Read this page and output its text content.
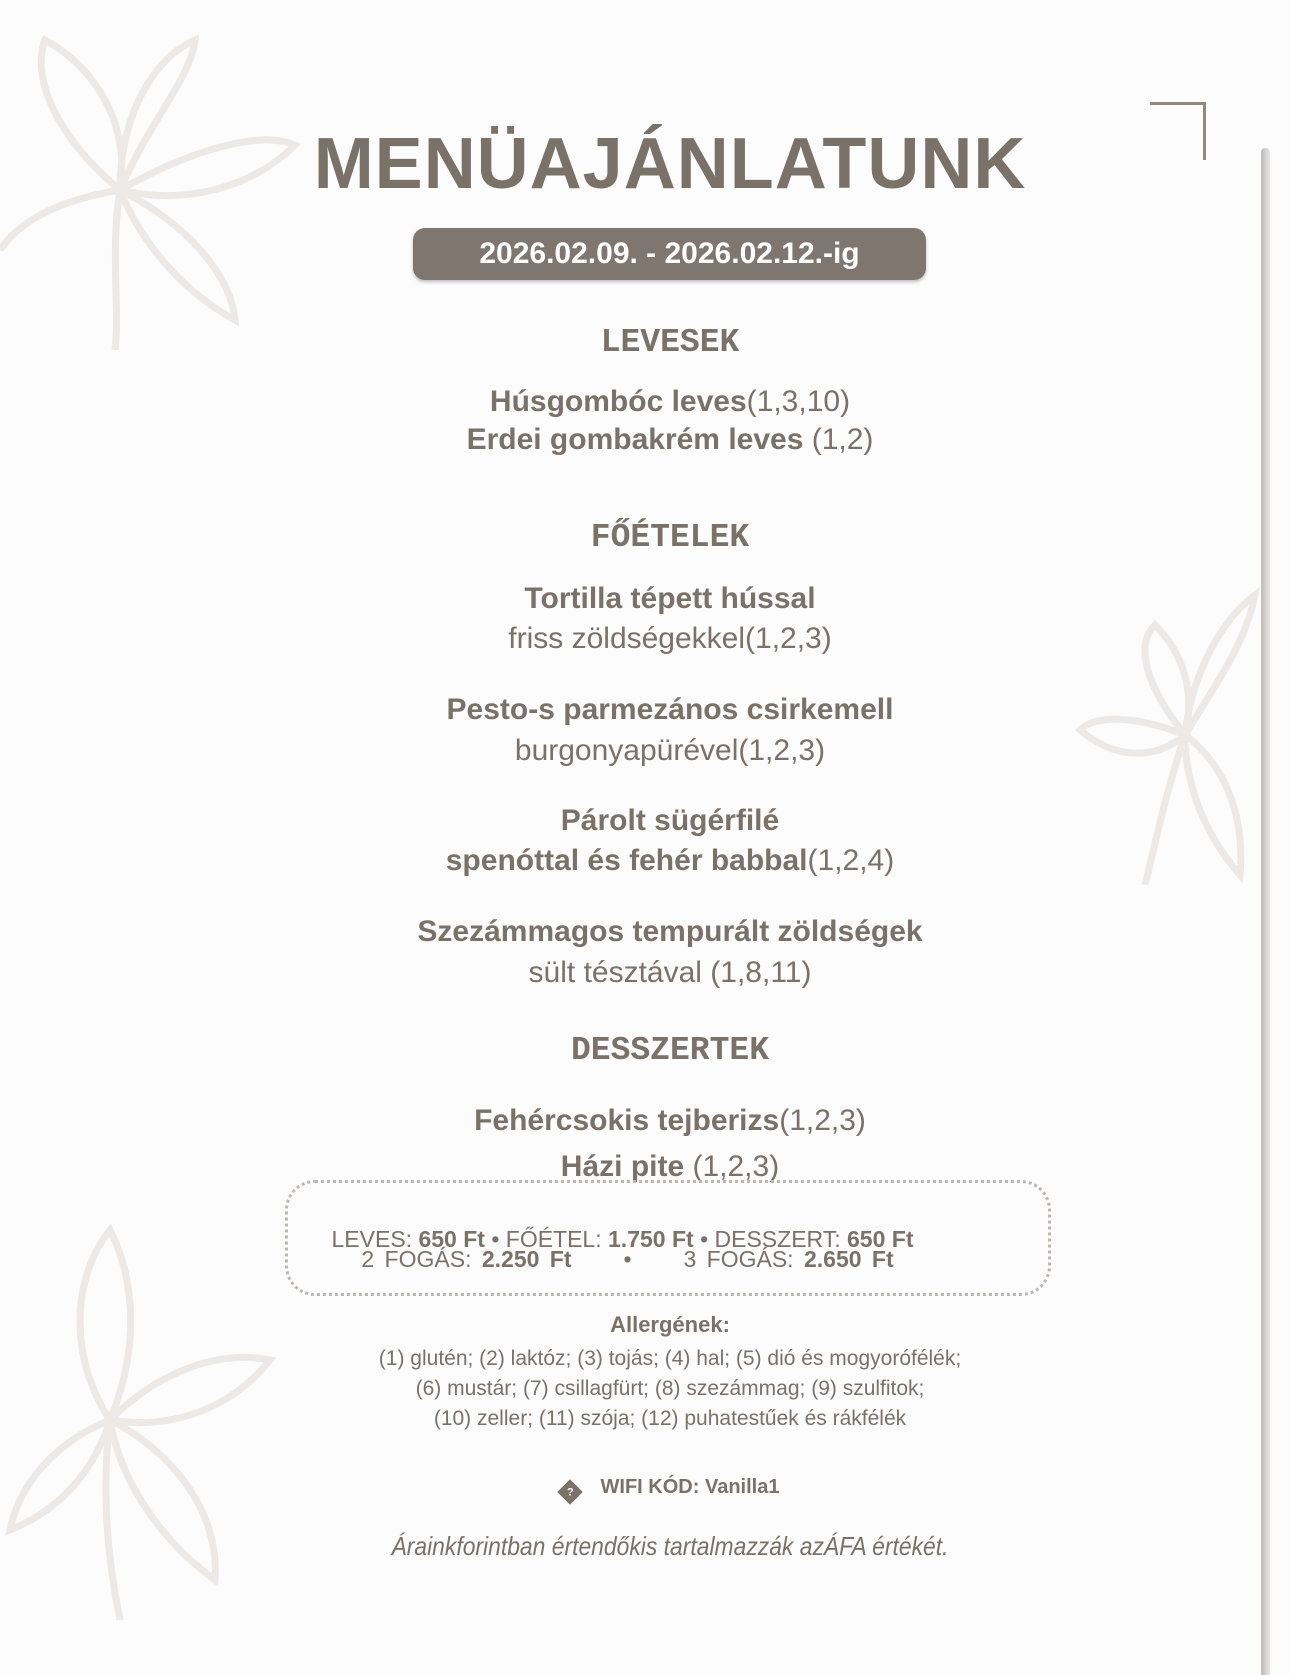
MENÜAJÁNLATUNK
2026.02.09. - 2026.02.12.-ig
LEVESEK
Húsgombóc leves(1,3,10)
Erdei gombakrém leves (1,2)
FŐÉTELEK
Tortilla tépett hússal
friss zöldségekkel(1,2,3)
Pesto-s parmezános csirkemell
burgonyapürével(1,2,3)
Párolt sügérfilé
spenóttal és fehér babbal(1,2,4)
Szezámmagos tempurált zöldségek
sült tésztával (1,8,11)
DESSZERTEK
Fehércsokis tejberizs(1,2,3)
Házi pite (1,2,3)
LEVES: 650 Ft • FŐÉTEL: 1.750 Ft • DESSZERT: 650 Ft
2 FOGÁS: 2.250 Ft • 3 FOGÁS: 2.650 Ft
Allergének:
(1) glutén; (2) laktóz; (3) tojás; (4) hal; (5) dió és mogyorófélék;
(6) mustár; (7) csillagfürt; (8) szezámmag; (9) szulfitok;
(10) zeller; (11) szója; (12) puhatestűek és rákfélék
? WIFI KÓD: Vanilla1
Árainkforintban értendőkis tartalmazzák azÁFA értékét.
